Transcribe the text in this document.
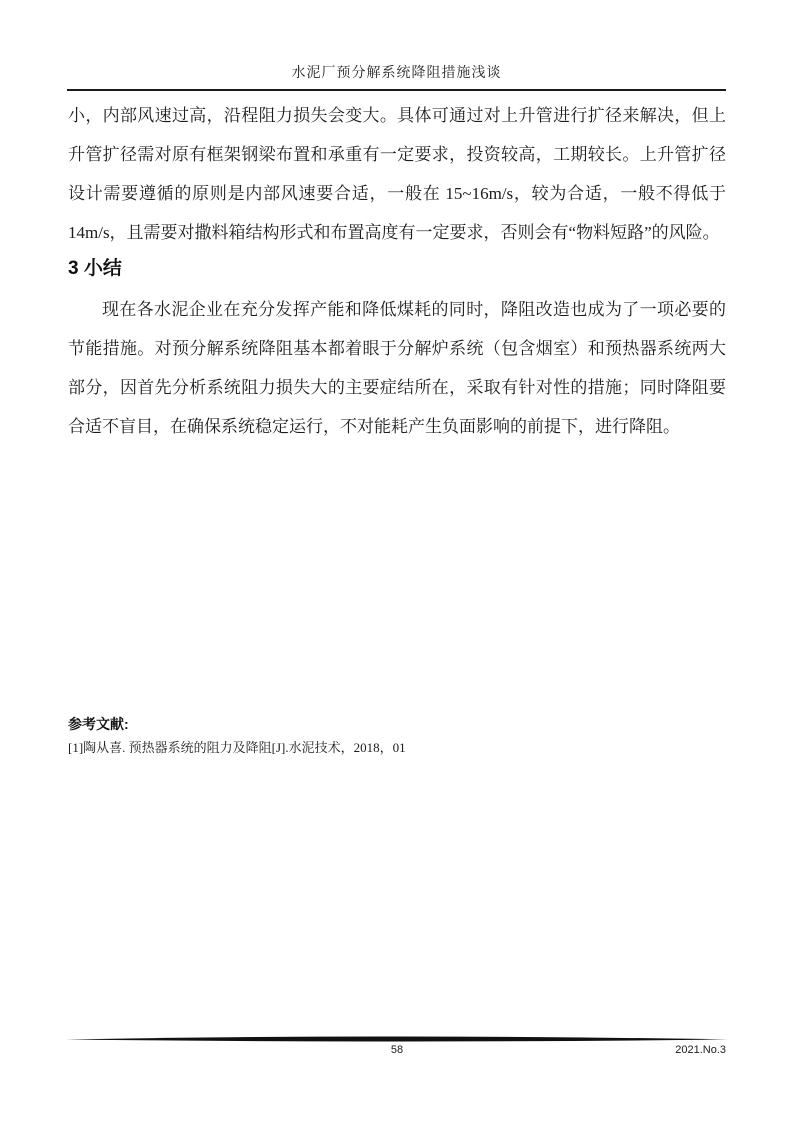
水泥厂预分解系统降阻措施浅谈

小，内部风速过高，沿程阻力损失会变大。具体可通过对上升管进行扩径来解决，但上升管扩径需对原有框架钢梁布置和承重有一定要求，投资较高，工期较长。上升管扩径设计需要遵循的原则是内部风速要合适，一般在 15~16m/s，较为合适，一般不得低于 14m/s，且需要对撒料箱结构形式和布置高度有一定要求，否则会有“物料短路”的风险。

3 小结

现在各水泥企业在充分发挥产能和降低煤耗的同时，降阻改造也成为了一项必要的节能措施。对预分解系统降阻基本都着眼于分解炉系统（包含烟室）和预热器系统两大部分，因首先分析系统阻力损失大的主要症结所在，采取有针对性的措施；同时降阻要合适不盲目，在确保系统稳定运行，不对能耗产生负面影响的前提下，进行降阻。

参考文献:
[1]陶从喜. 预热器系统的阻力及降阻[J].水泥技术，2018，01
58	2021.No.3
